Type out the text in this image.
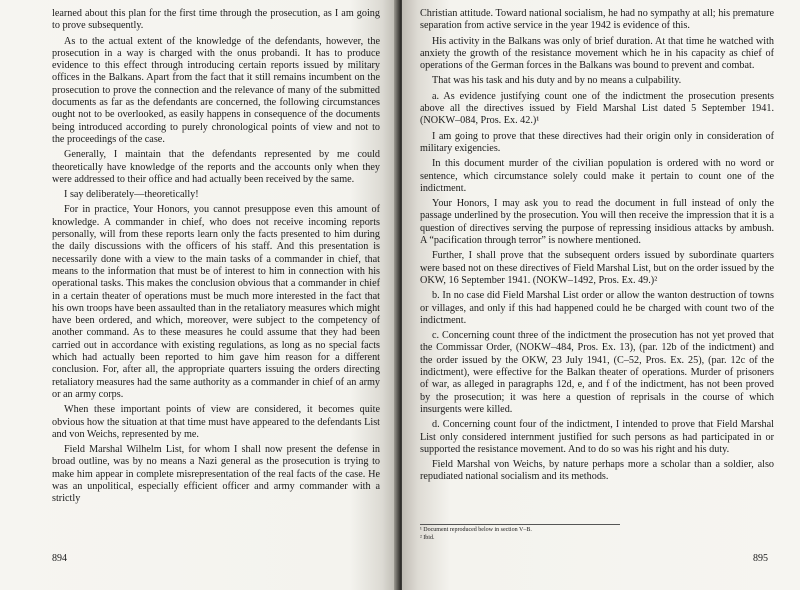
learned about this plan for the first time through the prosecution, as I am going to prove subsequently.

As to the actual extent of the knowledge of the defendants, however, the prosecution in a way is charged with the onus probandi. It has to produce evidence to this effect through introducing certain reports issued by military offices in the Balkans. Apart from the fact that it still remains incumbent on the prosecution to prove the connection and the relevance of many of the submitted documents as far as the defendants are concerned, the following circumstances ought not to be overlooked, as easily happens in consequence of the documents being introduced according to purely chronological points of view and not to the proceedings of the case.

Generally, I maintain that the defendants represented by me could theoretically have knowledge of the reports and the accounts only when they were addressed to their office and had actually been received by the same.

I say deliberately—theoretically!

For in practice, Your Honors, you cannot presuppose even this amount of knowledge. A commander in chief, who does not receive incoming reports personally, will from these reports learn only the facts presented to him during the daily discussions with the officers of his staff. And this presentation is necessarily done with a view to the main tasks of a commander in chief, that means to the information that must be of interest to him in connection with his operational tasks. This makes the conclusion obvious that a commander in chief in a certain theater of operations must be much more interested in the fact that his own troops have been assaulted than in the retaliatory measures which might have been ordered, and which, moreover, were subject to the competency of another command. As to these measures he could assume that they had been carried out in accordance with existing regulations, as long as no special facts which had actually been reported to him gave him reason for a different conclusion. For, after all, the appropriate quarters issuing the orders directing retaliatory measures had the same authority as a commander in chief of an army or an army corps.

When these important points of view are considered, it becomes quite obvious how the situation at that time must have appeared to the defendants List and von Weichs, represented by me.

Field Marshal Wilhelm List, for whom I shall now present the defense in broad outline, was by no means a Nazi general as the prosecution is trying to make him appear in complete misrepresentation of the real facts of the case. He was an unpolitical, especially efficient officer and army commander with a strictly

894

Christian attitude. Toward national socialism, he had no sympathy at all; his premature separation from active service in the year 1942 is evidence of this.

His activity in the Balkans was only of brief duration. At that time he watched with anxiety the growth of the resistance movement which he in his capacity as chief of operations of the German forces in the Balkans was bound to prevent and combat.

That was his task and his duty and by no means a culpability.

a. As evidence justifying count one of the indictment the prosecution presents above all the directives issued by Field Marshal List dated 5 September 1941. (NOKW–084, Pros. Ex. 42.)¹

I am going to prove that these directives had their origin only in consideration of military exigencies.

In this document murder of the civilian population is ordered with no word or sentence, which circumstance solely could make it pertain to count one of the indictment.

Your Honors, I may ask you to read the document in full instead of only the passage underlined by the prosecution. You will then receive the impression that it is a question of directives serving the purpose of repressing insidious attacks by ambush. A “pacification through terror” is nowhere mentioned.

Further, I shall prove that the subsequent orders issued by subordinate quarters were based not on these directives of Field Marshal List, but on the order issued by the OKW, 16 September 1941. (NOKW–1492, Pros. Ex. 49.)²

b. In no case did Field Marshal List order or allow the wanton destruction of towns or villages, and only if this had happened could he be charged with count two of the indictment.

c. Concerning count three of the indictment the prosecution has not yet proved that the Commissar Order, (NOKW–484, Pros. Ex. 13), (par. 12b of the indictment) and the order issued by the OKW, 23 July 1941, (C–52, Pros. Ex. 25), (par. 12c of the indictment), were effective for the Balkan theater of operations. Murder of prisoners of war, as alleged in paragraphs 12d, e, and f of the indictment, has not been proved by the prosecution; it was here a question of reprisals in the course of which insurgents were killed.

d. Concerning count four of the indictment, I intended to prove that Field Marshal List only considered internment justified for such persons as had participated in or supported the resistance movement. And to do so was his right and his duty.

Field Marshal von Weichs, by nature perhaps more a scholar than a soldier, also repudiated national socialism and its methods.

¹ Document reproduced below in section V–B.
² Ibid.
895
